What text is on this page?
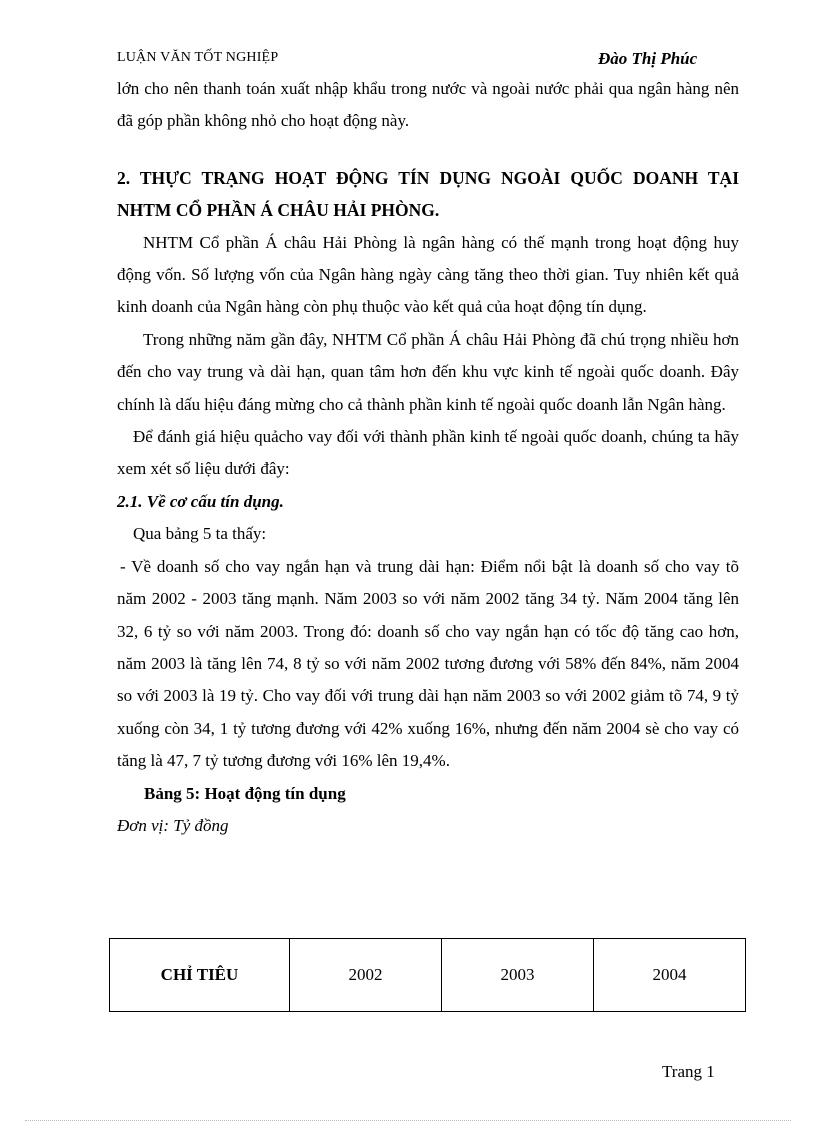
LUẬN VĂN TỐT NGHIỆP	Đào Thị Phúc

lớn cho nên thanh toán xuất nhập khẩu trong nước và ngoài nước phải qua ngân hàng nên đã góp phần không nhỏ cho hoạt động này.

2. THỰC TRẠNG HOẠT ĐỘNG TÍN DỤNG NGOÀI QUỐC DOANH TẠI NHTM CỔ PHẦN Á CHÂU HẢI PHÒNG.

NHTM Cổ phần Á châu Hải Phòng là ngân hàng có thế mạnh trong hoạt động huy động vốn. Số lượng vốn của Ngân hàng ngày càng tăng theo thời gian. Tuy nhiên kết quả kinh doanh của Ngân hàng còn phụ thuộc vào kết quả của hoạt động tín dụng.

Trong những năm gần đây, NHTM Cổ phần Á châu Hải Phòng đã chú trọng nhiều hơn đến cho vay trung và dài hạn, quan tâm hơn đến khu vực kinh tế ngoài quốc doanh. Đây chính là dấu hiệu đáng mừng cho cả thành phần kinh tế ngoài quốc doanh lẫn Ngân hàng.

Để đánh giá hiệu quảcho vay đối với thành phần kinh tế ngoài quốc doanh, chúng ta hãy xem xét số liệu dưới đây:

2.1. Về cơ cấu tín dụng.

Qua bảng 5 ta thấy:

- Về doanh số cho vay ngắn hạn và trung dài hạn: Điểm nổi bật là doanh số cho vay tõ năm 2002 - 2003 tăng mạnh. Năm 2003 so với năm 2002 tăng 34 tỷ. Năm 2004 tăng lên 32, 6 tỷ so với năm 2003. Trong đó: doanh số cho vay ngắn hạn có tốc độ tăng cao hơn, năm 2003 là tăng lên 74, 8 tỷ so với năm 2002 tương đương với 58% đến 84%, năm 2004 so với 2003 là 19 tỷ. Cho vay đối với trung dài hạn năm 2003 so với 2002 giảm tõ 74, 9 tỷ xuống còn 34, 1 tỷ tương đương với 42% xuống 16%, nhưng đến năm 2004 sè cho vay có tăng là 47, 7 tỷ tương đương với 16% lên 19,4%.

Bảng 5: Hoạt động tín dụng

Đơn vị: Tỷ đồng

CHỈ TIÊU	2002	2003	2004
Trang 1
